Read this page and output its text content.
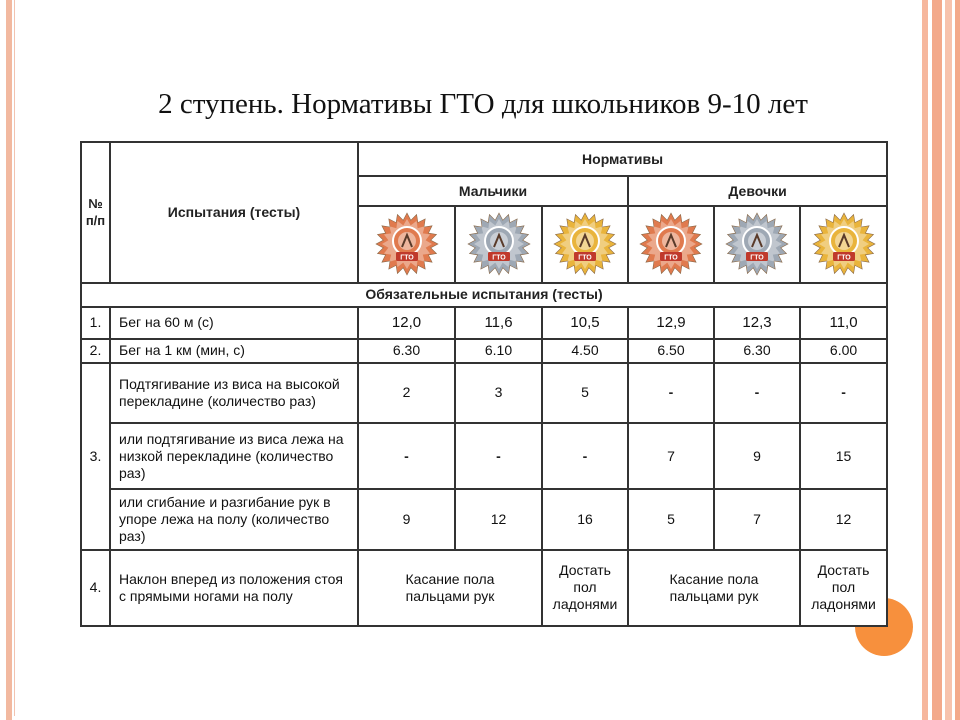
2 ступень. Нормативы ГТО для школьников 9-10 лет
№ п/п	Испытания (тесты)	Нормативы					
		Мальчики			Девочки		

ГТО	ГТО	ГТО	ГТО	ГТО	ГТО

Обязательные испытания (тесты)							
1.	Бег на 60 м (с)	12,0	11,6	10,5	12,9	12,3	11,0
2.	Бег на 1 км (мин, с)	6.30	6.10	4.50	6.50	6.30	6.00
3.	Подтягивание из виса на высокой перекладине (количество раз)	2	3	5	-	-	-
	или подтягивание из виса лежа на низкой перекладине (количество раз)	-	-	-	7	9	15
	или сгибание и разгибание рук в упоре лежа на полу (количество раз)	9	12	16	5	7	12
4.	Наклон вперед из положения стоя с прямыми ногами на полу	Касание пола пальцами рук		Достать пол ладонями	Касание пола пальцами рук		Достать пол ладонями
